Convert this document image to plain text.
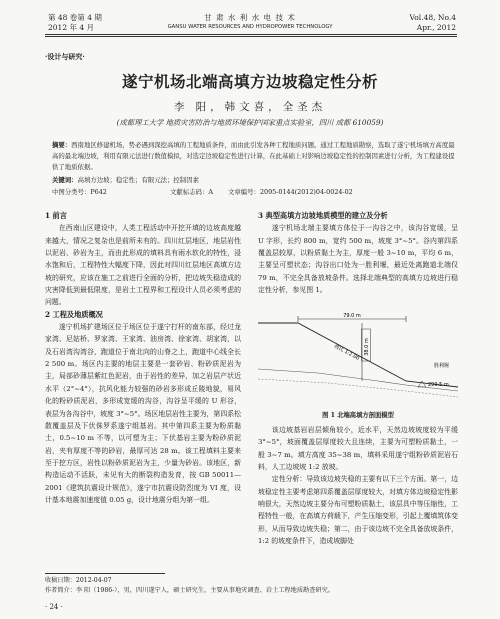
第 48 卷第 4 期
2012 年 4 月
甘 肃 水 利 水 电 技 术
GANSU WATER RESOURCES AND HYDROPOWER TECHNOLOGY
Vol.48, No.4
Apr., 2012
·设计与研究·
遂宁机场北端高填方边坡稳定性分析
李 阳，韩文喜，全圣杰
(成都理工大学 地质灾害防治与地质环境保护国家重点实验室，四川 成都 610059)
摘要：西南地区修建机场，势必遇到深挖高填的工程地质条件，而由此引发各种工程地质问题。通过工程地质勘察，选取了遂宁机场填方高度最高的最北端边坡，利用有限元法进行数值模拟，对选定边坡稳定性进行计算，在此基础上对影响边坡稳定性的控制因素进行分析，为工程建设提供了地质依据。
关键词：高填方边坡；稳定性；有限元法；控制因素
中图分类号：P642	文献标志码：A 文章编号：2095-0144(2012)04-0024-02
1 前言
在西南山区建设中，人类工程活动中开挖开填的边坡高度越来越大，情况之复杂也是前所未有的。四川红层地区，地层岩性以泥岩、砂岩为主，而由此形成的填料具有雨水软化的特性，浸水饱和后，工程特性大幅度下降，因此对四川红层地区高填方边坡的研究，应该在施工之前进行全面的分析，把边坡失稳造成的灾害降低到最低限度，是岩土工程界和工程设计人员必须考虑的问题。
2 工程及地质概况
遂宁机场扩建场区位于场区位于遂宁打杆的南东部，经过龙家湾、尼姑桥、罗家湾、王家湾、油房湾、徐家湾、胡家湾，以及石岩湾沟湾谷，跑道位于南北向的山脊之上，跑道中心线全长 2 500 m。场区内主要的地层主要是一套砂岩、粉砂质泥岩为主，局部砂薄层紫红色泥岩，由于岩性的差异，加之岩层产状近水平（2°~4°），抗风化能力较强的砂岩多形成丘陵地貌，易风化的粉砂质泥岩，多形成宽缓的沟谷，沟谷呈平缓的 U 形谷，表层为各沟谷中，坡度 3°~5°。场区地层岩性主要为，第四系松散覆盖层及下伏侏罗系遂宁组基岩。其中第四系主要为粉质黏土，0.5~10 m 不等，以可塑为主；下伏基岩主要为粉砂质泥岩，夹有厚度不等的砂岩，最厚可达 28 m。该工程填料主要来至于挖方区，岩性以粉砂质泥岩为主，少量为砂岩。该地区，新构造运动不活跃，未见有大的断裂构造发育，按 GB 50011—2001《建筑抗震设计规范》，遂宁市抗震设防烈度为 VI 度，设计基本地震加速度值 0.05 g，设计地震分组为第一组。
3 典型高填方边坡地质模型的建立及分析
遂宁机场北端主要填方体位于一沟谷之中，该沟谷宽缓，呈 U 字形，长约 800 m，宽约 500 m，坡度 3°~5°。谷内第四系覆盖层较厚，以粉质黏土为主，厚度一般 3~10 m，平均 6 m，主要呈可塑状态；沟谷出口处为一胜利堰，最近处离跑道北端仅 79 m，不完全具备放坡条件。选择北端典型的高填方边坡进行稳定性分析，参见图 1。
79.0 m
38.0 m
坡比 1:2.00
胜利堰
299.5 m
图 1 北端高填方剖面模型
该边坡基岩岩层倾角较小，近水平，天然边坡坡度较为平缓 3°~5°，坡面覆盖层厚度较大且连续，主要为可塑粉质黏土，一般 3~7 m。填方高度 35~38 m，填料采用遂宁组粉砂质泥岩石料，人工边坡坡 1:2 放坡。
定性分析：导致该边坡失稳的主要有以下三个方面。第一，边坡稳定性主要考虑第四系覆盖层厚度较大，对填方体边坡稳定性影响很大，天然边坡主要分布可塑粉质黏土，该层具中等压缩性，工程特性一般，在高填方荷载下，产生压缩变形，引起上覆填筑体变形，从而导致边坡失稳；第二，由于该边坡不完全具备放坡条件，1:2 的坡度条件下，造成坡脚处
收稿日期：2012-04-07
作者简介：李 阳（1986-），男，四川遂宁人，硕士研究生，主要从事地灾调查、岩土工程地质勘查研究。
· 24 ·
